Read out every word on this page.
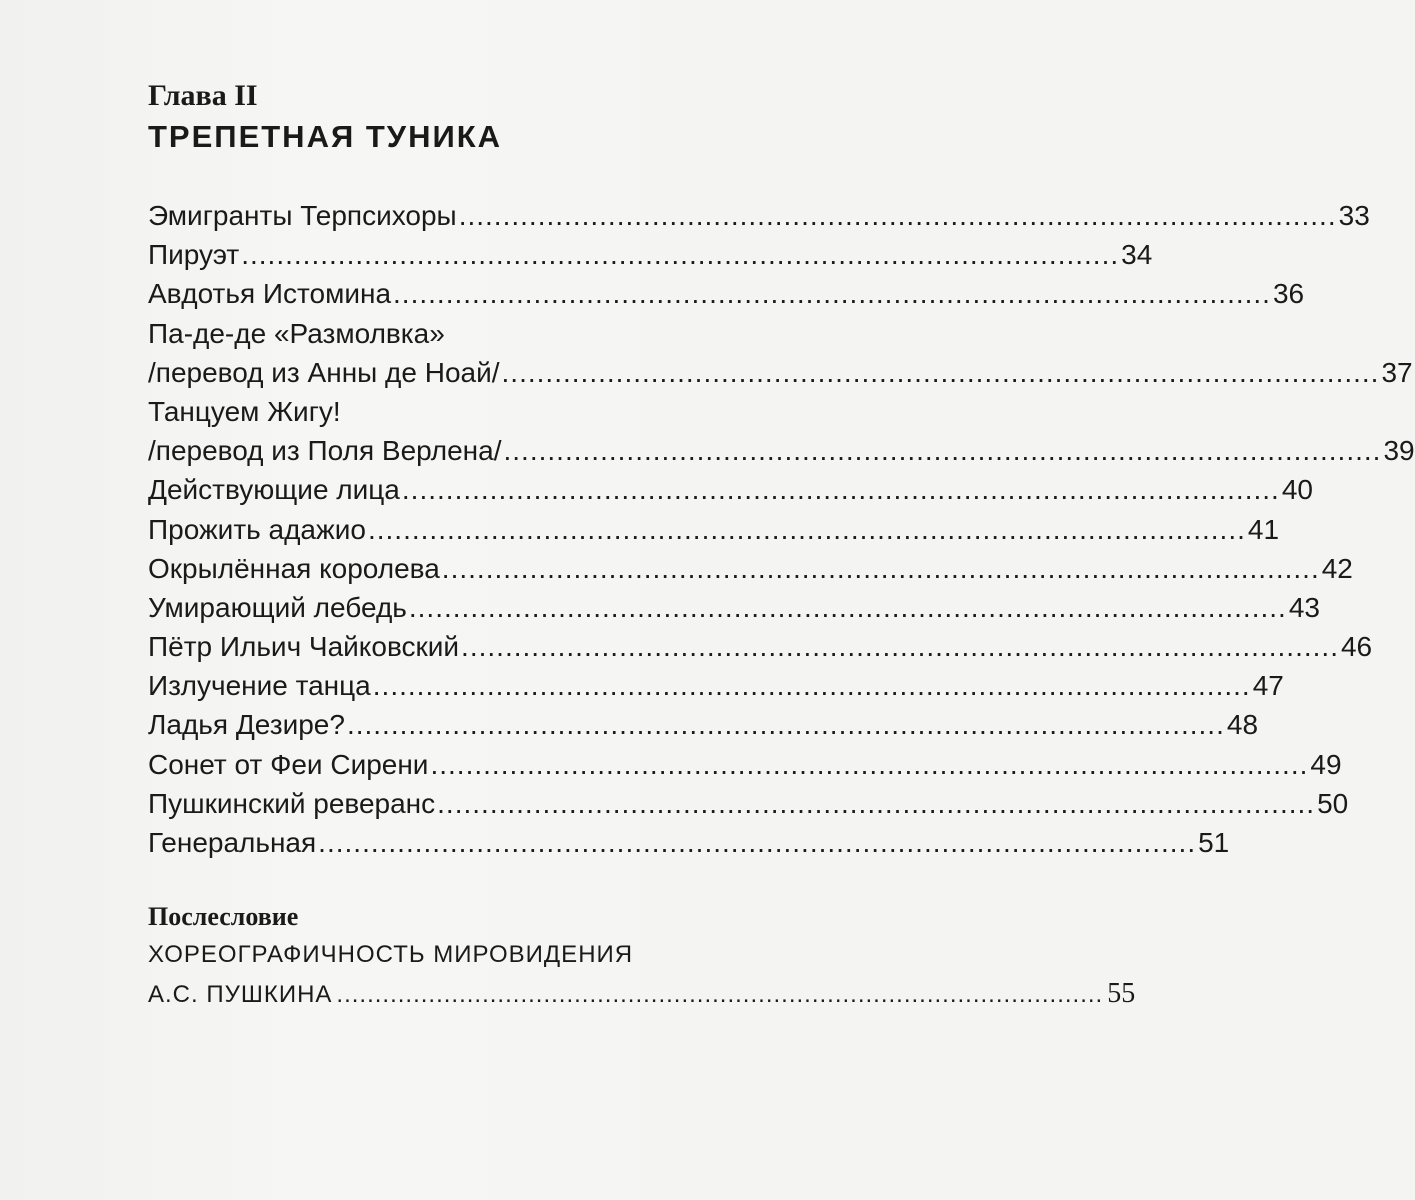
Глава II
ТРЕПЕТНАЯ ТУНИКА
Эмигранты Терпсихоры .................................................................................................... 33
Пируэт .................................................................................................... 34
Авдотья Истомина .................................................................................................... 36
Па-де-де «Размолвка»
/перевод из Анны де Ноай/ .................................................................................................... 37
Танцуем Жигу!
/перевод из Поля Верлена/ .................................................................................................... 39
Действующие лица .................................................................................................... 40
Прожить адажио .................................................................................................... 41
Окрылённая королева .................................................................................................... 42
Умирающий лебедь .................................................................................................... 43
Пётр Ильич Чайковский .................................................................................................... 46
Излучение танца .................................................................................................... 47
Ладья Дезире? .................................................................................................... 48
Сонет от Феи Сирени .................................................................................................... 49
Пушкинский реверанс .................................................................................................... 50
Генеральная .................................................................................................... 51
Послесловие
ХОРЕОГРАФИЧНОСТЬ МИРОВИДЕНИЯ
А.С. ПУШКИНА .................................................................................................... 55
